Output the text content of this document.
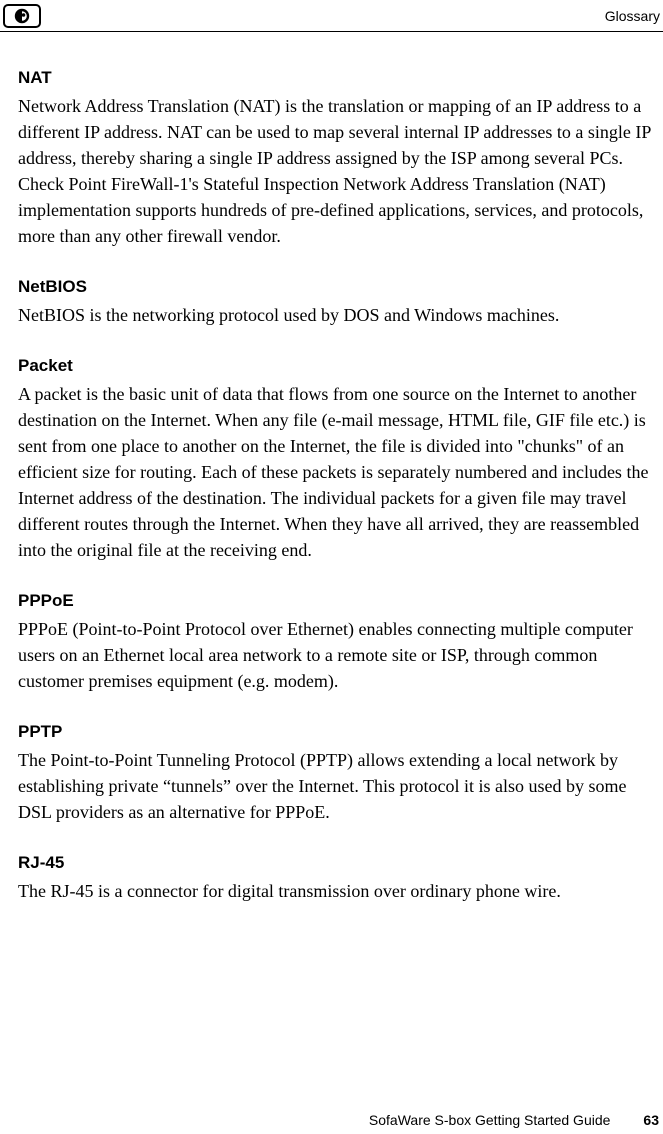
Glossary
NAT

Network Address Translation (NAT) is the translation or mapping of an IP address to a different IP address. NAT can be used to map several internal IP addresses to a single IP address, thereby sharing a single IP address assigned by the ISP among several PCs.
Check Point FireWall-1's Stateful Inspection Network Address Translation (NAT) implementation supports hundreds of pre-defined applications, services, and protocols, more than any other firewall vendor.

NetBIOS

NetBIOS is the networking protocol used by DOS and Windows machines.

Packet

A packet is the basic unit of data that flows from one source on the Internet to another destination on the Internet. When any file (e-mail message, HTML file, GIF file etc.) is sent from one place to another on the Internet, the file is divided into "chunks" of an efficient size for routing. Each of these packets is separately numbered and includes the Internet address of the destination. The individual packets for a given file may travel different routes through the Internet. When they have all arrived, they are reassembled into the original file at the receiving end.

PPPoE

PPPoE (Point-to-Point Protocol over Ethernet) enables connecting multiple computer users on an Ethernet local area network to a remote site or ISP, through common customer premises equipment (e.g. modem).

PPTP

The Point-to-Point Tunneling Protocol (PPTP) allows extending a local network by establishing private “tunnels” over the Internet. This protocol it is also used by some DSL providers as an alternative for PPPoE.

RJ-45

The RJ-45 is a connector for digital transmission over ordinary phone wire.

SofaWare S-box Getting Started Guide 63
